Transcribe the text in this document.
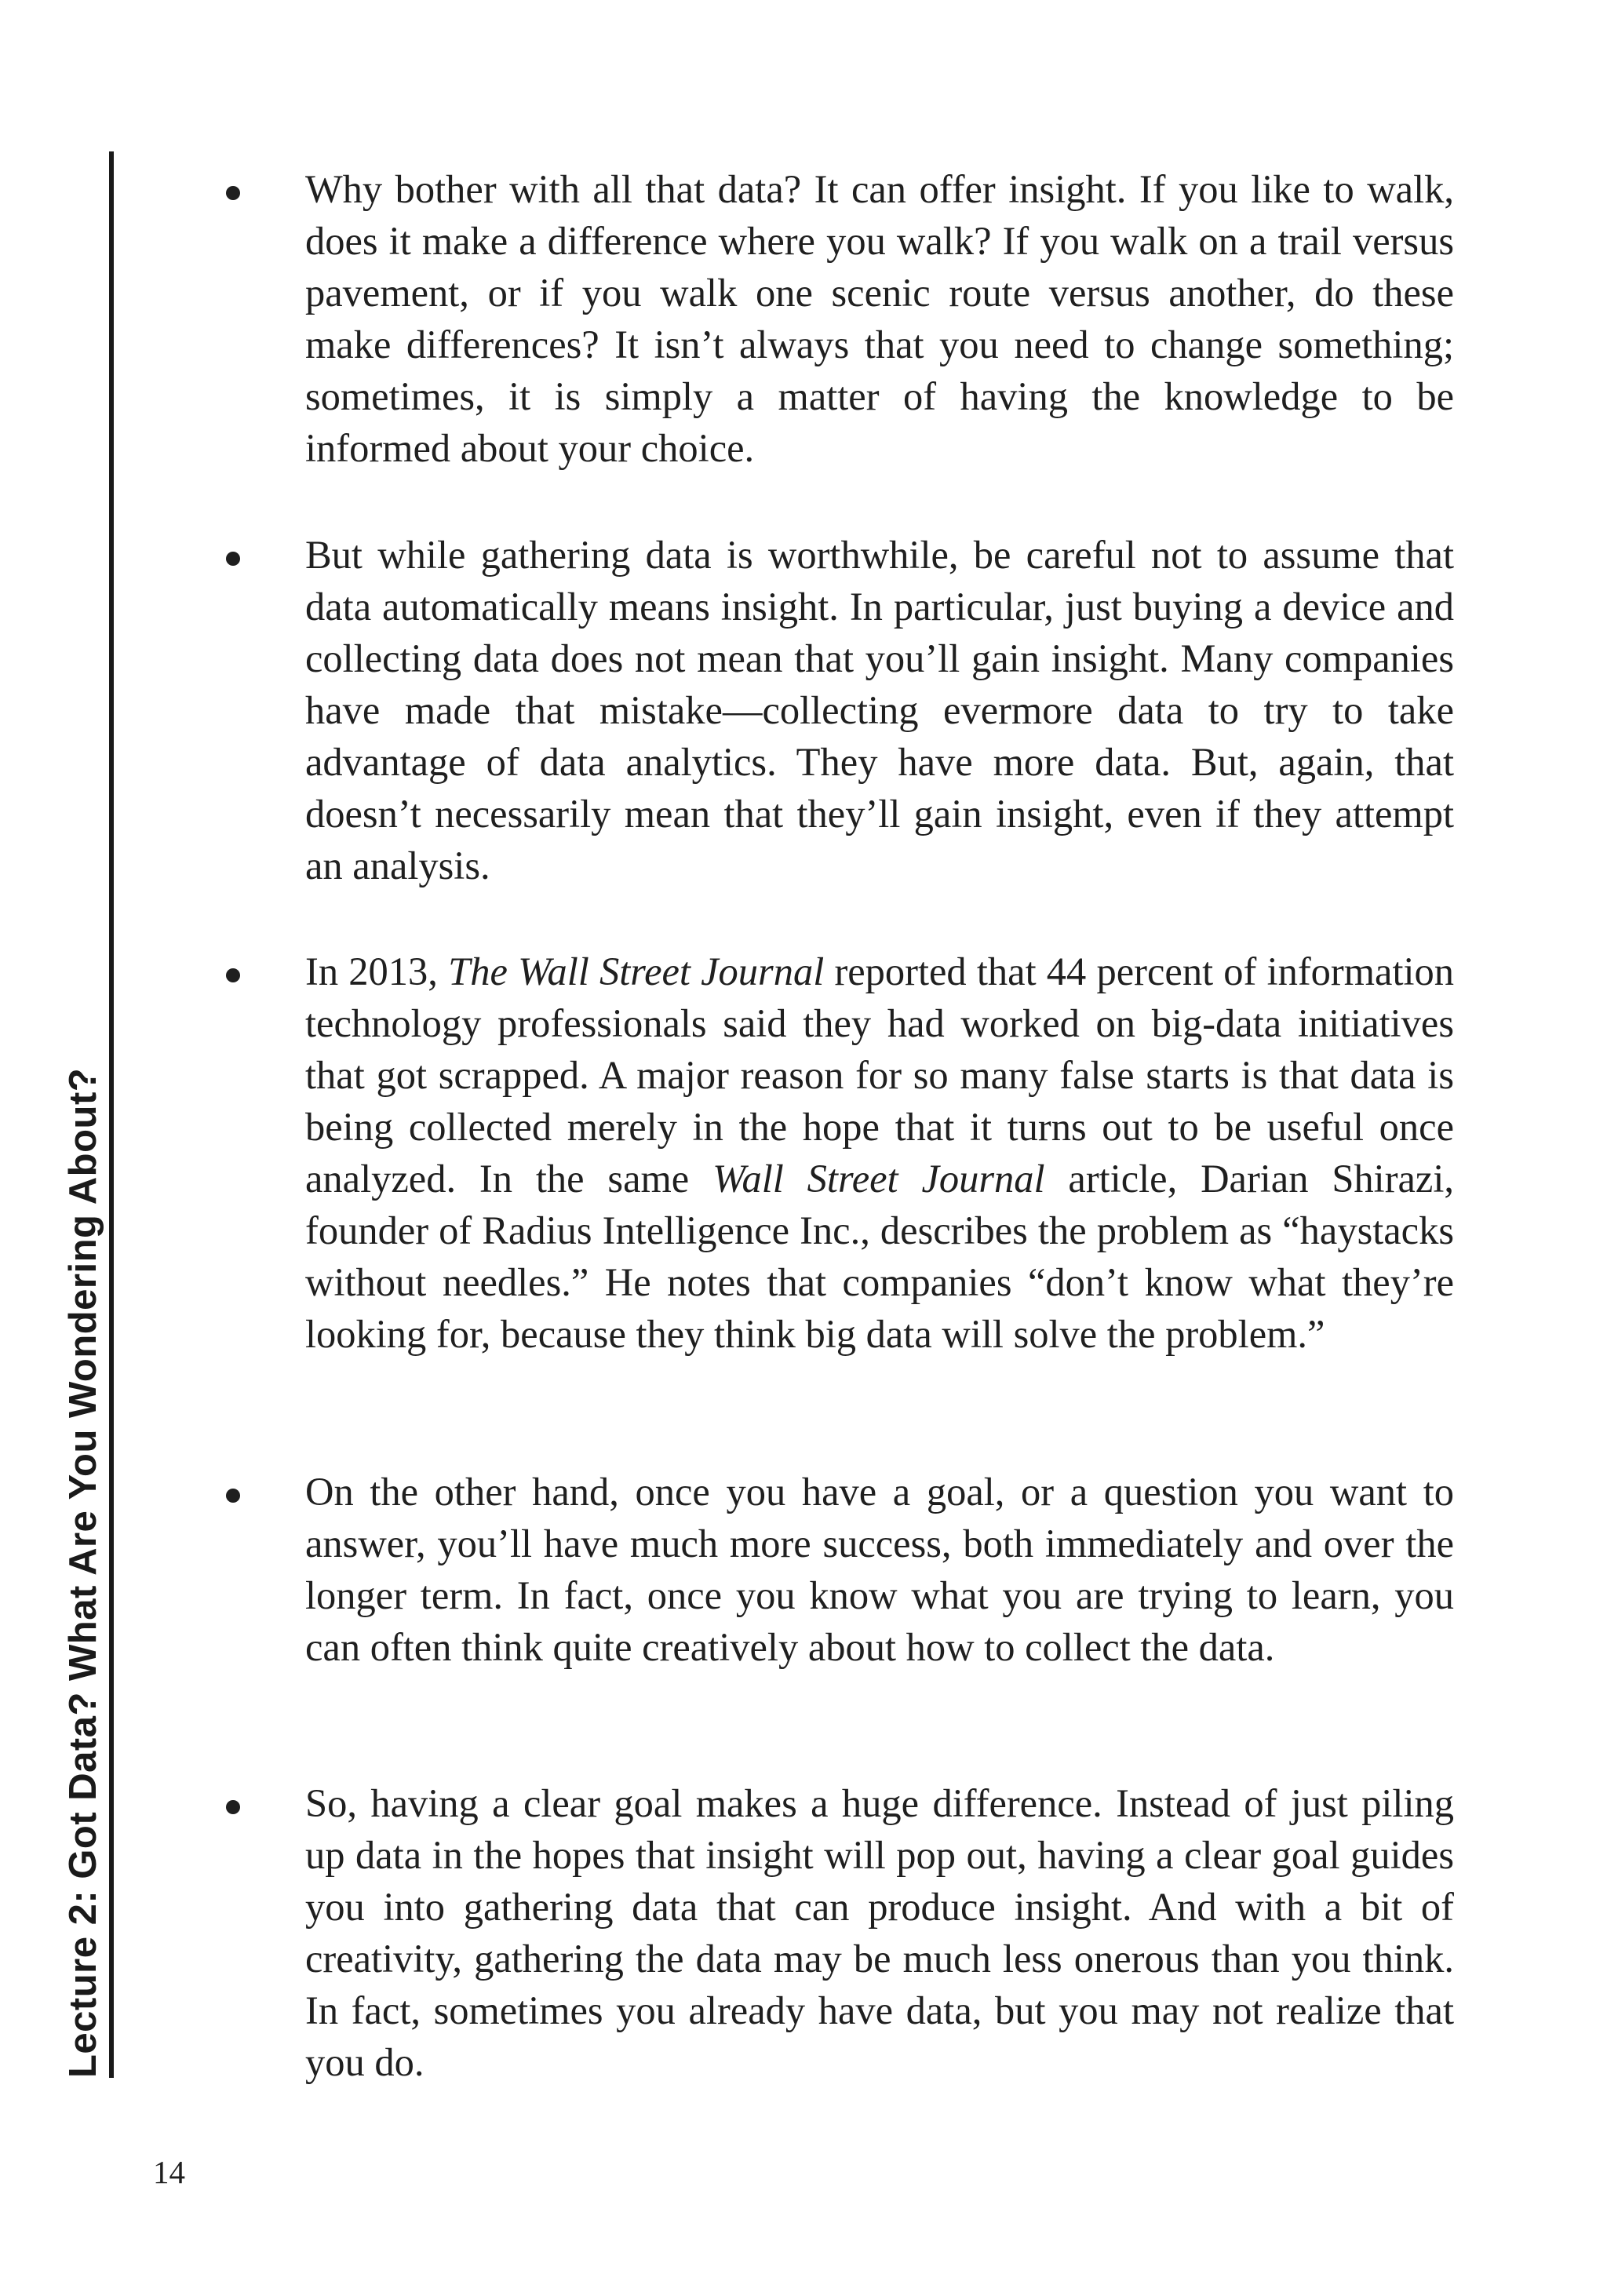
Lecture 2: Got Data? What Are You Wondering About?
Why bother with all that data? It can offer insight. If you like to walk, does it make a difference where you walk? If you walk on a trail versus pavement, or if you walk one scenic route versus another, do these make differences? It isn’t always that you need to change something; sometimes, it is simply a matter of having the knowledge to be informed about your choice.
But while gathering data is worthwhile, be careful not to assume that data automatically means insight. In particular, just buying a device and collecting data does not mean that you’ll gain insight. Many companies have made that mistake—collecting evermore data to try to take advantage of data analytics. They have more data. But, again, that doesn’t necessarily mean that they’ll gain insight, even if they attempt an analysis.
In 2013, The Wall Street Journal reported that 44 percent of information technology professionals said they had worked on big-data initiatives that got scrapped. A major reason for so many false starts is that data is being collected merely in the hope that it turns out to be useful once analyzed. In the same Wall Street Journal article, Darian Shirazi, founder of Radius Intelligence Inc., describes the problem as “haystacks without needles.” He notes that companies “don’t know what they’re looking for, because they think big data will solve the problem.”
On the other hand, once you have a goal, or a question you want to answer, you’ll have much more success, both immediately and over the longer term. In fact, once you know what you are trying to learn, you can often think quite creatively about how to collect the data.
So, having a clear goal makes a huge difference. Instead of just piling up data in the hopes that insight will pop out, having a clear goal guides you into gathering data that can produce insight. And with a bit of creativity, gathering the data may be much less onerous than you think. In fact, sometimes you already have data, but you may not realize that you do.
14
